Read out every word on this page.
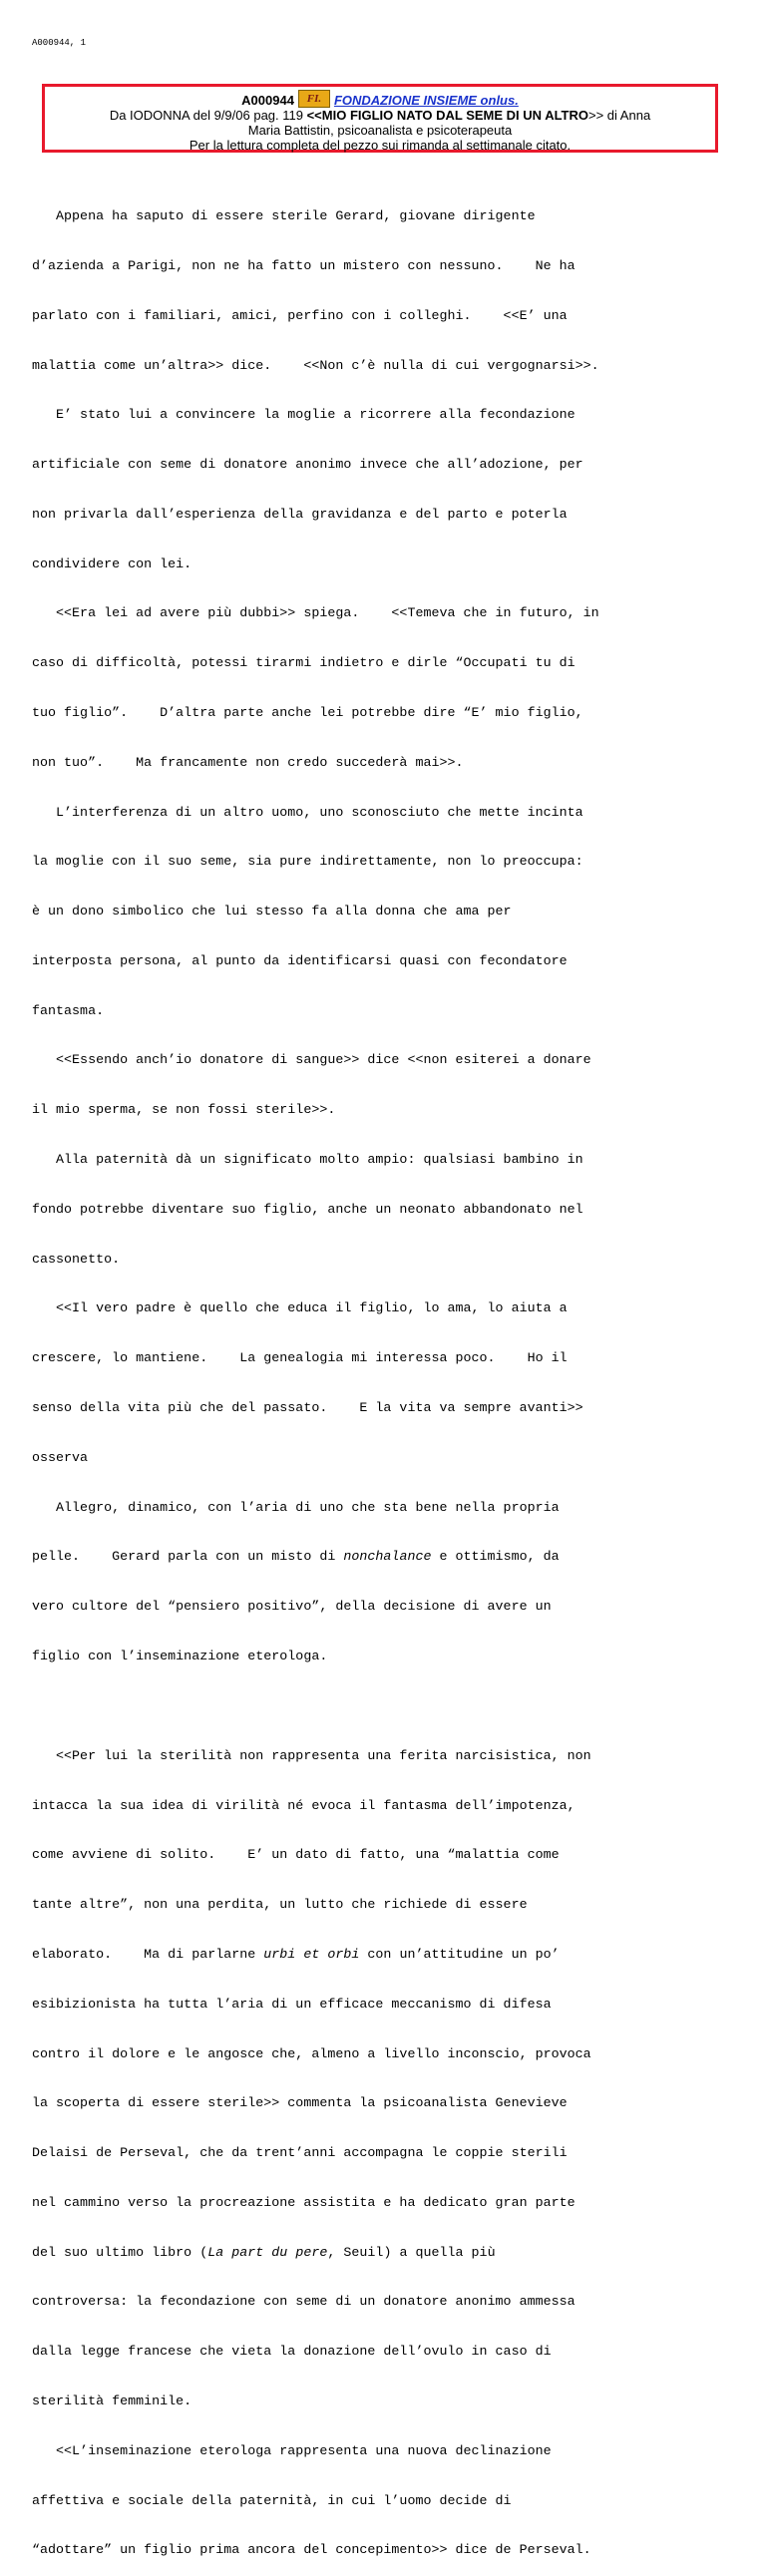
A000944, 1
A000944	FI. FONDAZIONE INSIEME onlus.
Da IODONNA del 9/9/06 pag. 119 <<MIO FIGLIO NATO DAL SEME DI UN ALTRO>> di Anna
Maria Battistin, psicoanalista e psicoterapeuta
Per la lettura completa del pezzo sui rimanda al settimanale citato.

Appena ha saputo di essere sterile Gerard, giovane dirigente

d’azienda a Parigi, non ne ha fatto un mistero con nessuno.    Ne ha

parlato con i familiari, amici, perfino con i colleghi.    <<E’ una

malattia come un’altra>> dice.    <<Non c’è nulla di cui vergognarsi>>.

E’ stato lui a convincere la moglie a ricorrere alla fecondazione

artificiale con seme di donatore anonimo invece che all’adozione, per

non privarla dall’esperienza della gravidanza e del parto e poterla

condividere con lei.

<<Era lei ad avere più dubbi>> spiega.    <<Temeva che in futuro, in

caso di difficoltà, potessi tirarmi indietro e dirle “Occupati tu di

tuo figlio”.    D’altra parte anche lei potrebbe dire “E’ mio figlio,

non tuo”.    Ma francamente non credo succederà mai>>.

L’interferenza di un altro uomo, uno sconosciuto che mette incinta

la moglie con il suo seme, sia pure indirettamente, non lo preoccupa:

è un dono simbolico che lui stesso fa alla donna che ama per

interposta persona, al punto da identificarsi quasi con fecondatore

fantasma.

<<Essendo anch’io donatore di sangue>> dice <<non esiterei a donare

il mio sperma, se non fossi sterile>>.

Alla paternità dà un significato molto ampio: qualsiasi bambino in

fondo potrebbe diventare suo figlio, anche un neonato abbandonato nel

cassonetto.

<<Il vero padre è quello che educa il figlio, lo ama, lo aiuta a

crescere, lo mantiene.    La genealogia mi interessa poco.    Ho il

senso della vita più che del passato.    E la vita va sempre avanti>>

osserva

Allegro, dinamico, con l’aria di uno che sta bene nella propria

pelle.    Gerard parla con un misto di nonchalance e ottimismo, da

vero cultore del “pensiero positivo”, della decisione di avere un

figlio con l’inseminazione eterologa.

<<Per lui la sterilità non rappresenta una ferita narcisistica, non

intacca la sua idea di virilità né evoca il fantasma dell’impotenza,

come avviene di solito.    E’ un dato di fatto, una “malattia come

tante altre”, non una perdita, un lutto che richiede di essere

elaborato.    Ma di parlarne urbi et orbi con un’attitudine un po’

esibizionista ha tutta l’aria di un efficace meccanismo di difesa

contro il dolore e le angosce che, almeno a livello inconscio, provoca

la scoperta di essere sterile>> commenta la psicoanalista Genevieve

Delaisi de Perseval, che da trent’anni accompagna le coppie sterili

nel cammino verso la procreazione assistita e ha dedicato gran parte

del suo ultimo libro (La part du pere, Seuil) a quella più

controversa: la fecondazione con seme di un donatore anonimo ammessa

dalla legge francese che vieta la donazione dell’ovulo in caso di

sterilità femminile.

<<L’inseminazione eterologa rappresenta una nuova declinazione

affettiva e sociale della paternità, in cui l’uomo decide di

“adottare” un figlio prima ancora del concepimento>> dice de Perseval.
